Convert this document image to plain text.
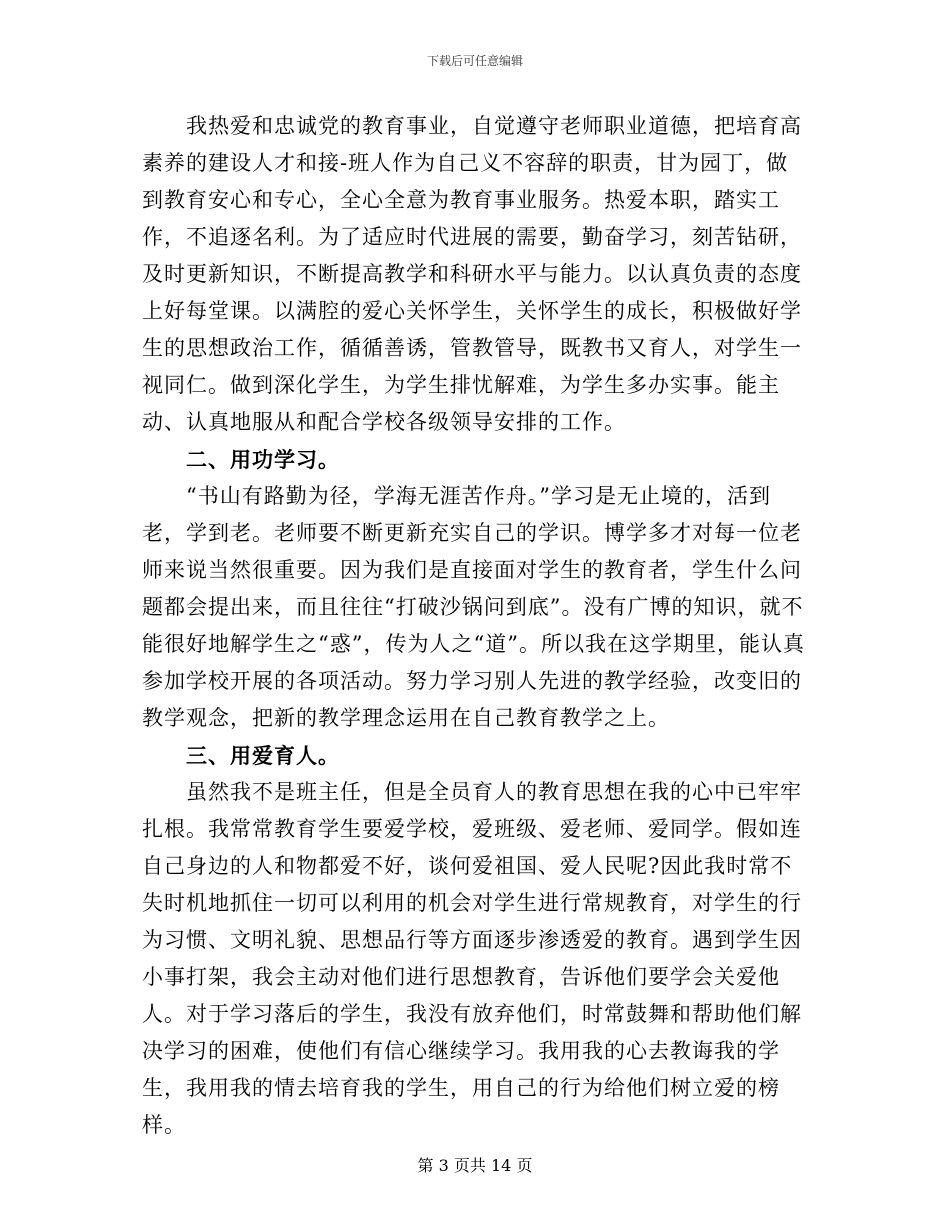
下载后可任意编辑

我热爱和忠诚党的教育事业，自觉遵守老师职业道德，把培育高素养的建设人才和接-班人作为自己义不容辞的职责，甘为园丁，做到教育安心和专心，全心全意为教育事业服务。热爱本职，踏实工作，不追逐名利。为了适应时代进展的需要，勤奋学习，刻苦钻研，及时更新知识，不断提高教学和科研水平与能力。以认真负责的态度上好每堂课。以满腔的爱心关怀学生，关怀学生的成长，积极做好学生的思想政治工作，循循善诱，管教管导，既教书又育人，对学生一视同仁。做到深化学生，为学生排忧解难，为学生多办实事。能主动、认真地服从和配合学校各级领导安排的工作。

二、用功学习。

“书山有路勤为径，学海无涯苦作舟。”学习是无止境的，活到老，学到老。老师要不断更新充实自己的学识。博学多才对每一位老师来说当然很重要。因为我们是直接面对学生的教育者，学生什么问题都会提出来，而且往往“打破沙锅问到底”。没有广博的知识，就不能很好地解学生之“惑”，传为人之“道”。所以我在这学期里，能认真参加学校开展的各项活动。努力学习别人先进的教学经验，改变旧的教学观念，把新的教学理念运用在自己教育教学之上。

三、用爱育人。

虽然我不是班主任，但是全员育人的教育思想在我的心中已牢牢扎根。我常常教育学生要爱学校，爱班级、爱老师、爱同学。假如连自己身边的人和物都爱不好，谈何爱祖国、爱人民呢?因此我时常不失时机地抓住一切可以利用的机会对学生进行常规教育，对学生的行为习惯、文明礼貌、思想品行等方面逐步渗透爱的教育。遇到学生因小事打架，我会主动对他们进行思想教育，告诉他们要学会关爱他人。对于学习落后的学生，我没有放弃他们，时常鼓舞和帮助他们解决学习的困难，使他们有信心继续学习。我用我的心去教诲我的学生，我用我的情去培育我的学生，用自己的行为给他们树立爱的榜样。

第 3 页共 14 页
